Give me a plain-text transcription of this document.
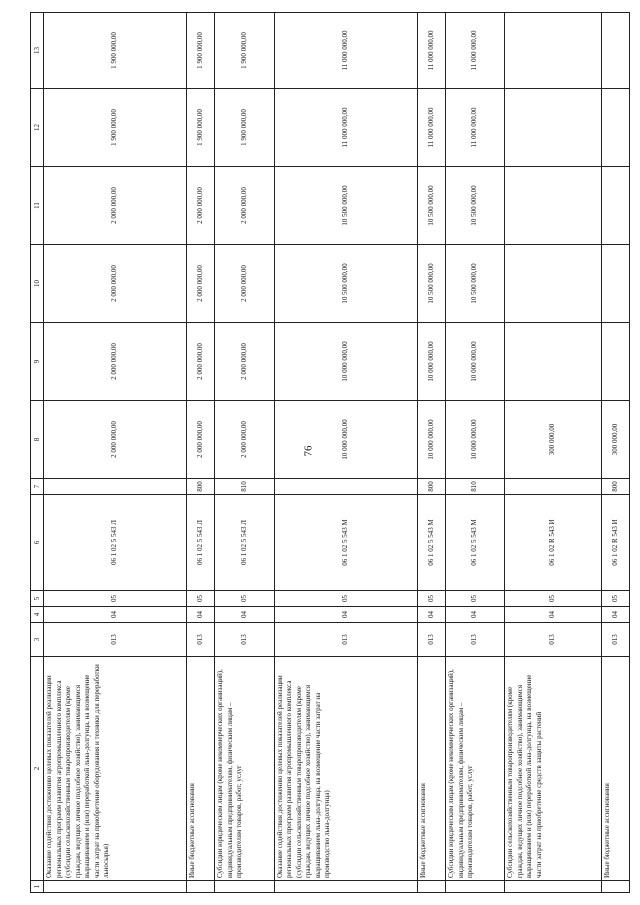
76
1	2	3	4	5	6	7	8	9	10	11	12	13
	Оказание содействия достижению целевых показателей реализации региональных программ развития агропромышленного комплекса (субсидии сельскохозяйственным товаропроизводителям (кроме граждан, ведущих личное подсобное хозяйство), занимающимся выращиванием и (или) переработкой льна-долгунца, на возмещение части затрат на приобретение оборудования и техники для переработки льносырья)	013	04	05	06 1 02 5 543 Л		2 000 000,00	2 000 000,00	2 000 000,00	2 000 000,00	1 900 000,00	1 900 000,00
	Иные бюджетные ассигнования	013	04	05	06 1 02 5 543 Л	800	2 000 000,00	2 000 000,00	2 000 000,00	2 000 000,00	1 900 000,00	1 900 000,00
	Субсидии юридическим лицам (кроме некоммерческих организаций), индивидуальным предпринимателям, физическим лицам – производителям товаров, работ, услуг	013	04	05	06 1 02 5 543 Л	810	2 000 000,00	2 000 000,00	2 000 000,00	2 000 000,00	1 900 000,00	1 900 000,00
	Оказание содействия достижению целевых показателей реализации региональных программ развития агропромышленного комплекса (субсидии сельскохозяйственным товаропроизводителям (кроме граждан, ведущих личное подсобное хозяйство), занимающимся выращиванием льна-долгунца, на возмещение части затрат на производство льна-долгунца)	013	04	05	06 1 02 5 543 М		10 000 000,00	10 000 000,00	10 500 000,00	10 500 000,00	11 000 000,00	11 000 000,00
	Иные бюджетные ассигнования	013	04	05	06 1 02 5 543 М	800	10 000 000,00	10 000 000,00	10 500 000,00	10 500 000,00	11 000 000,00	11 000 000,00
	Субсидии юридическим лицам (кроме некоммерческих организаций), индивидуальным предпринимателям, физическим лицам – производителям товаров, работ, услуг	013	04	05	06 1 02 5 543 М	810	10 000 000,00	10 000 000,00	10 500 000,00	10 500 000,00	11 000 000,00	11 000 000,00
	Субсидии сельскохозяйственным товаропроизводителям (кроме граждан, ведущих личное подсобное хозяйство), занимающимся выращиванием и (или) переработкой льна-долгунца, на возмещение части затрат на приобретение средств защиты растений	013	04	05	06 1 02 R 543 И		300 000,00					
	Иные бюджетные ассигнования	013	04	05	06 1 02 R 543 И	800	300 000,00					
